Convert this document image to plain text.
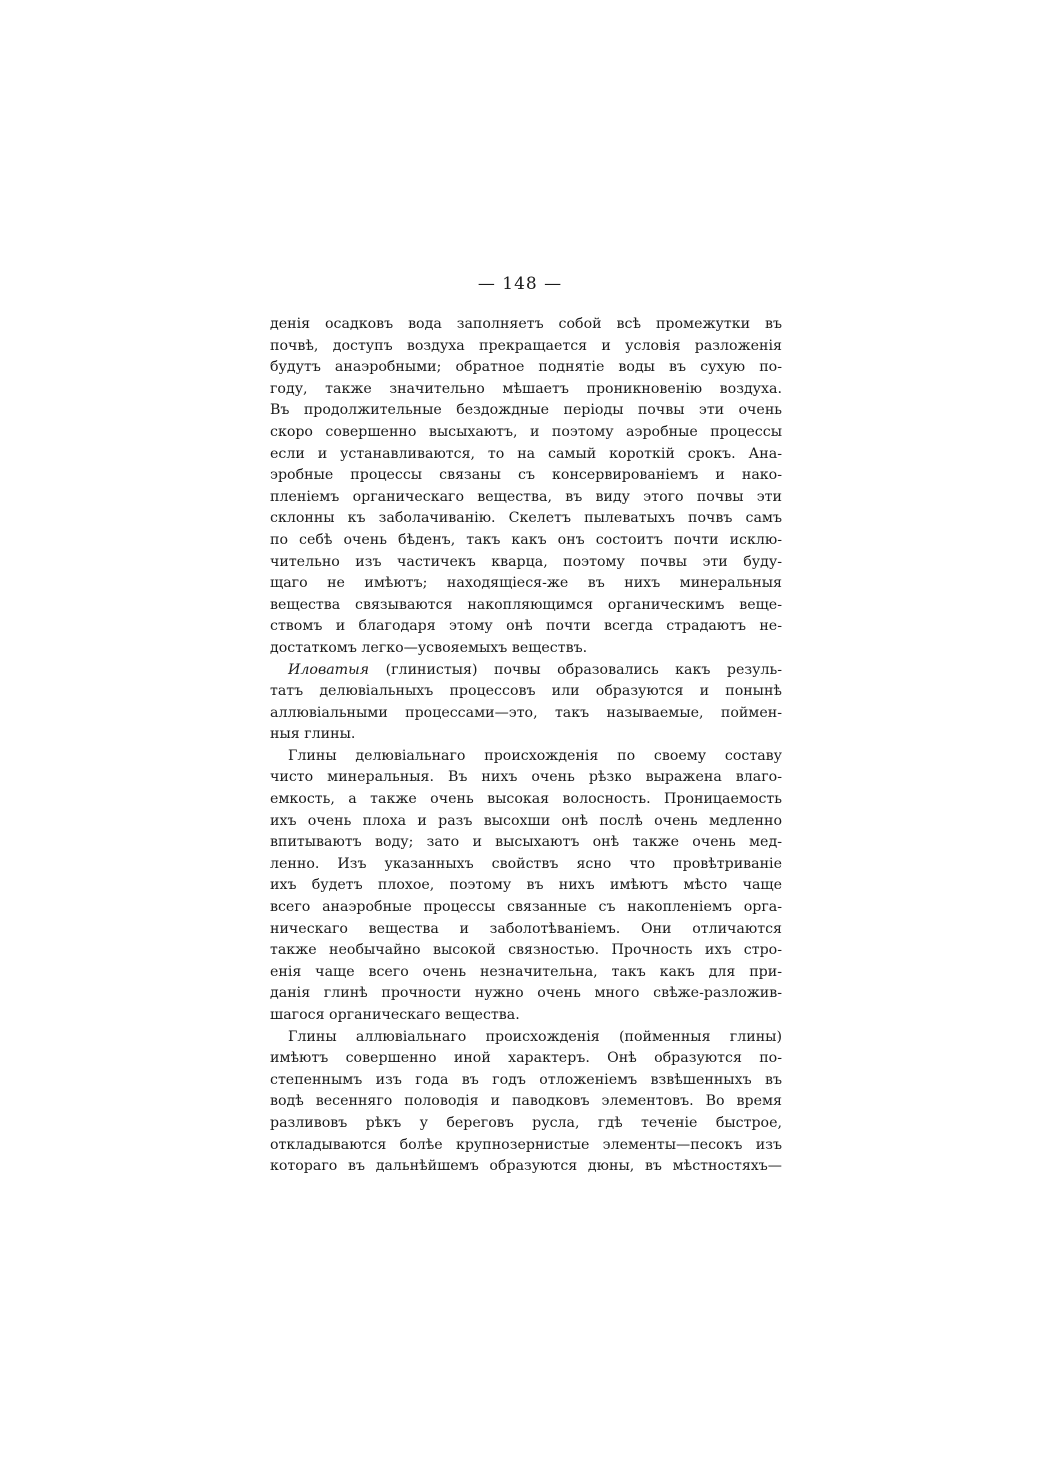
— 148 —
денія осадковъ вода заполняетъ собой всѣ промежутки въ
почвѣ, доступъ воздуха прекращается и условія разложенія
будутъ анаэробными; обратное поднятіе воды въ сухую по-
году, также значительно мѣшаетъ проникновенію воздуха.
Въ продолжительные бездождные періоды почвы эти очень
скоро совершенно высыхаютъ, и поэтому аэробные процессы
если и устанавливаются, то на самый короткій срокъ. Ана-
эробные процессы связаны съ консервированіемъ и нако-
пленіемъ органическаго вещества, въ виду этого почвы эти
склонны къ заболачиванію. Скелетъ пылеватыхъ почвъ самъ
по себѣ очень бѣденъ, такъ какъ онъ состоитъ почти исклю-
чительно изъ частичекъ кварца, поэтому почвы эти буду-
щаго не имѣютъ; находящіеся-же въ нихъ минеральныя
вещества связываются накопляющимся органическимъ веще-
ствомъ и благодаря этому онѣ почти всегда страдаютъ не-
достаткомъ легко—усвояемыхъ веществъ.
Иловатыя (глинистыя) почвы образовались какъ резуль-
татъ делювіальныхъ процессовъ или образуются и понынѣ
аллювіальными процессами—это, такъ называемые, поймен-
ныя глины.
Глины делювіальнаго происхожденія по своему составу
чисто минеральныя. Въ нихъ очень рѣзко выражена влаго-
емкость, а также очень высокая волосность. Проницаемость
ихъ очень плоха и разъ высохши онѣ послѣ очень медленно
впитываютъ воду; зато и высыхаютъ онѣ также очень мед-
ленно. Изъ указанныхъ свойствъ ясно что провѣтриваніе
ихъ будетъ плохое, поэтому въ нихъ имѣютъ мѣсто чаще
всего анаэробные процессы связанные съ накопленіемъ орга-
ническаго вещества и заболотѣваніемъ. Они отличаются
также необычайно высокой связностью. Прочность ихъ стро-
енія чаще всего очень незначительна, такъ какъ для при-
данія глинѣ прочности нужно очень много свѣже-разложив-
шагося органическаго вещества.
Глины аллювіальнаго происхожденія (пойменныя глины)
имѣютъ совершенно иной характеръ. Онѣ образуются по-
степеннымъ изъ года въ годъ отложеніемъ взвѣшенныхъ въ
водѣ весенняго половодія и паводковъ элементовъ. Во время
разливовъ рѣкъ у береговъ русла, гдѣ теченіе быстрое,
откладываются болѣе крупнозернистые элементы—песокъ изъ
котораго въ дальнѣйшемъ образуются дюны, въ мѣстностяхъ—
